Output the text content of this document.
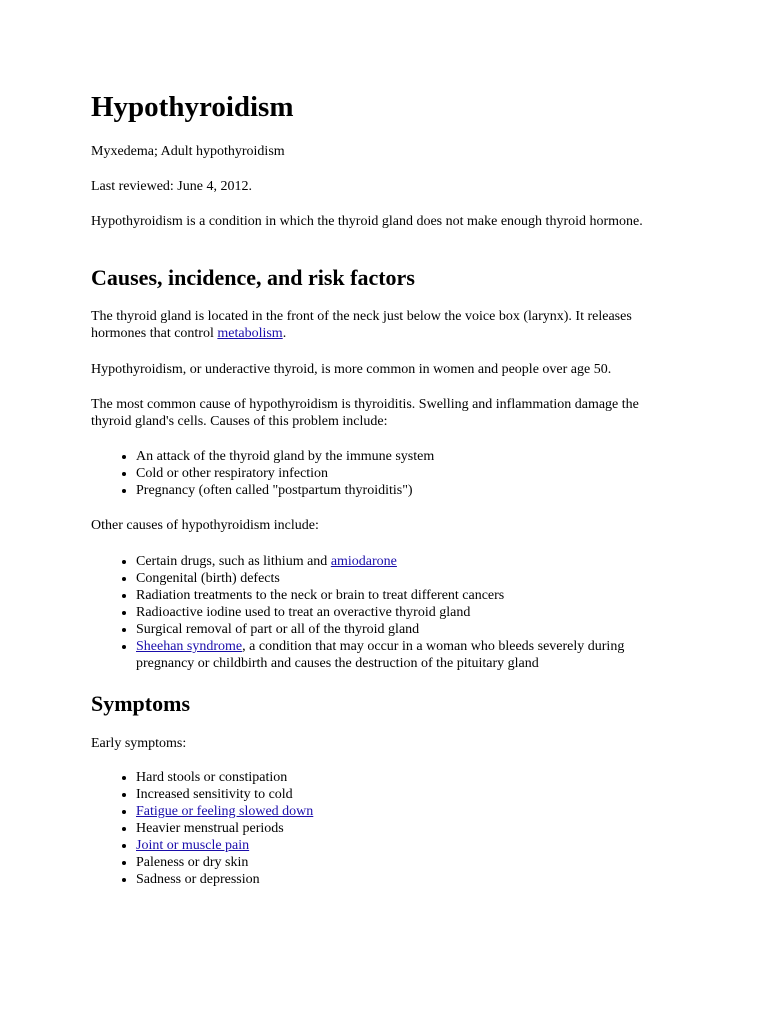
Hypothyroidism

Myxedema; Adult hypothyroidism

Last reviewed: June 4, 2012.

Hypothyroidism is a condition in which the thyroid gland does not make enough thyroid hormone.

Causes, incidence, and risk factors

The thyroid gland is located in the front of the neck just below the voice box (larynx). It releases hormones that control metabolism.

Hypothyroidism, or underactive thyroid, is more common in women and people over age 50.

The most common cause of hypothyroidism is thyroiditis. Swelling and inflammation damage the thyroid gland's cells. Causes of this problem include:

• An attack of the thyroid gland by the immune system
• Cold or other respiratory infection
• Pregnancy (often called "postpartum thyroiditis")

Other causes of hypothyroidism include:

• Certain drugs, such as lithium and amiodarone
• Congenital (birth) defects
• Radiation treatments to the neck or brain to treat different cancers
• Radioactive iodine used to treat an overactive thyroid gland
• Surgical removal of part or all of the thyroid gland
• Sheehan syndrome, a condition that may occur in a woman who bleeds severely during pregnancy or childbirth and causes the destruction of the pituitary gland
Symptoms

Early symptoms:

• Hard stools or constipation
• Increased sensitivity to cold
• Fatigue or feeling slowed down
• Heavier menstrual periods
• Joint or muscle pain
• Paleness or dry skin
• Sadness or depression
